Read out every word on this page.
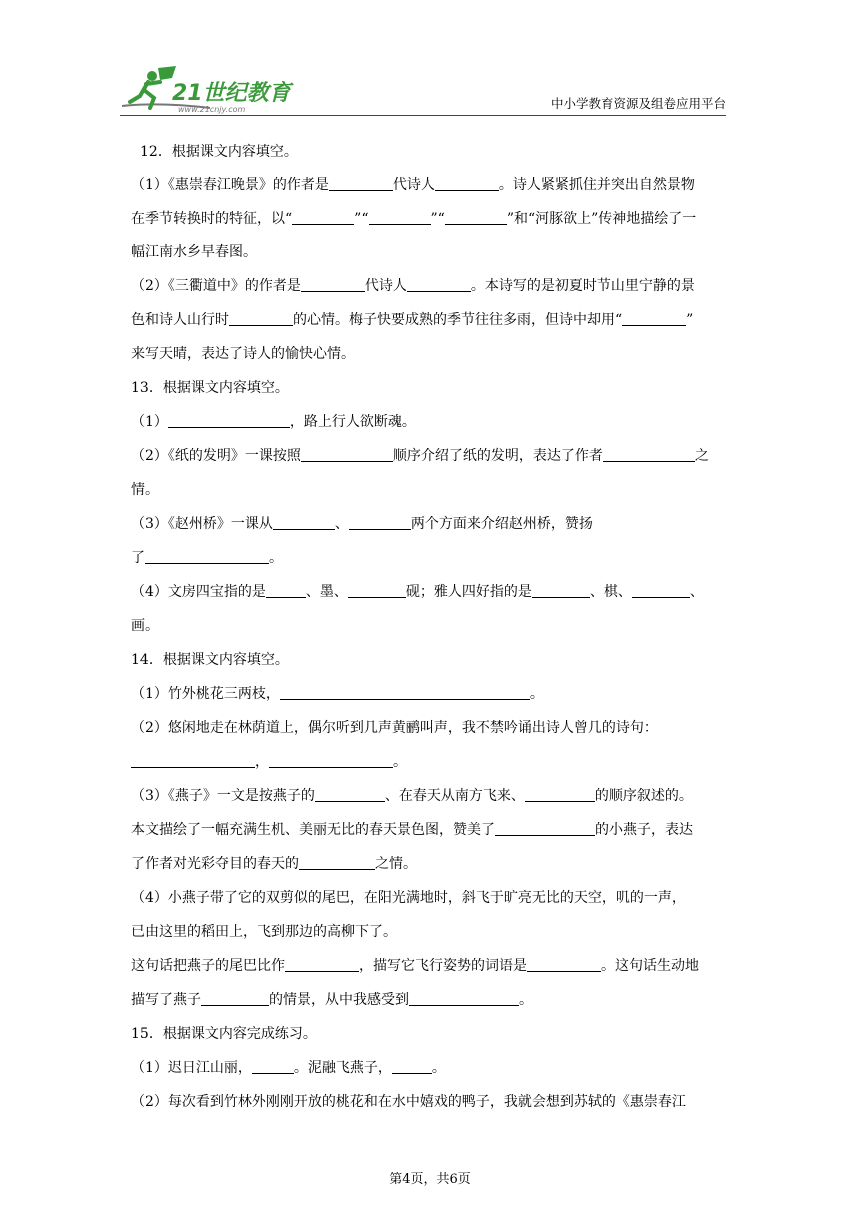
21世纪教育
www.21cnjy.com	中小学教育资源及组卷应用平台
12．根据课文内容填空。
（1）《惠崇春江晚景》的作者是	代诗人	。诗人紧紧抓住并突出自然景物
在季节转换时的特征，以“	”“	”“	”和“河豚欲上”传神地描绘了一
幅江南水乡早春图。
（2）《三衢道中》的作者是	代诗人	。本诗写的是初夏时节山里宁静的景
色和诗人山行时	的心情。梅子快要成熟的季节往往多雨，但诗中却用“	”
来写天晴，表达了诗人的愉快心情。
13．根据课文内容填空。
（1）	，路上行人欲断魂。
（2）《纸的发明》一课按照	顺序介绍了纸的发明，表达了作者	之
情。
（3）《赵州桥》一课从	、	两个方面来介绍赵州桥，赞扬
了	。
（4）文房四宝指的是	、墨、	砚；雅人四好指的是	、棋、	、
画。
14．根据课文内容填空。
（1）竹外桃花三两枝，	。
（2）悠闲地走在林荫道上，偶尔听到几声黄鹂叫声，我不禁吟诵出诗人曾几的诗句：
，	。
（3）《燕子》一文是按燕子的	、在春天从南方飞来、	的顺序叙述的。
本文描绘了一幅充满生机、美丽无比的春天景色图，赞美了	的小燕子，表达
了作者对光彩夺目的春天的	之情。
（4）小燕子带了它的双剪似的尾巴，在阳光满地时，斜飞于旷亮无比的天空，叽的一声，
已由这里的稻田上，飞到那边的高柳下了。
这句话把燕子的尾巴比作	，描写它飞行姿势的词语是	。这句话生动地
描写了燕子	的情景，从中我感受到	。
15．根据课文内容完成练习。
（1）迟日江山丽，	。泥融飞燕子，	。
（2）每次看到竹林外刚刚开放的桃花和在水中嬉戏的鸭子，我就会想到苏轼的《惠崇春江
第4页，共6页
